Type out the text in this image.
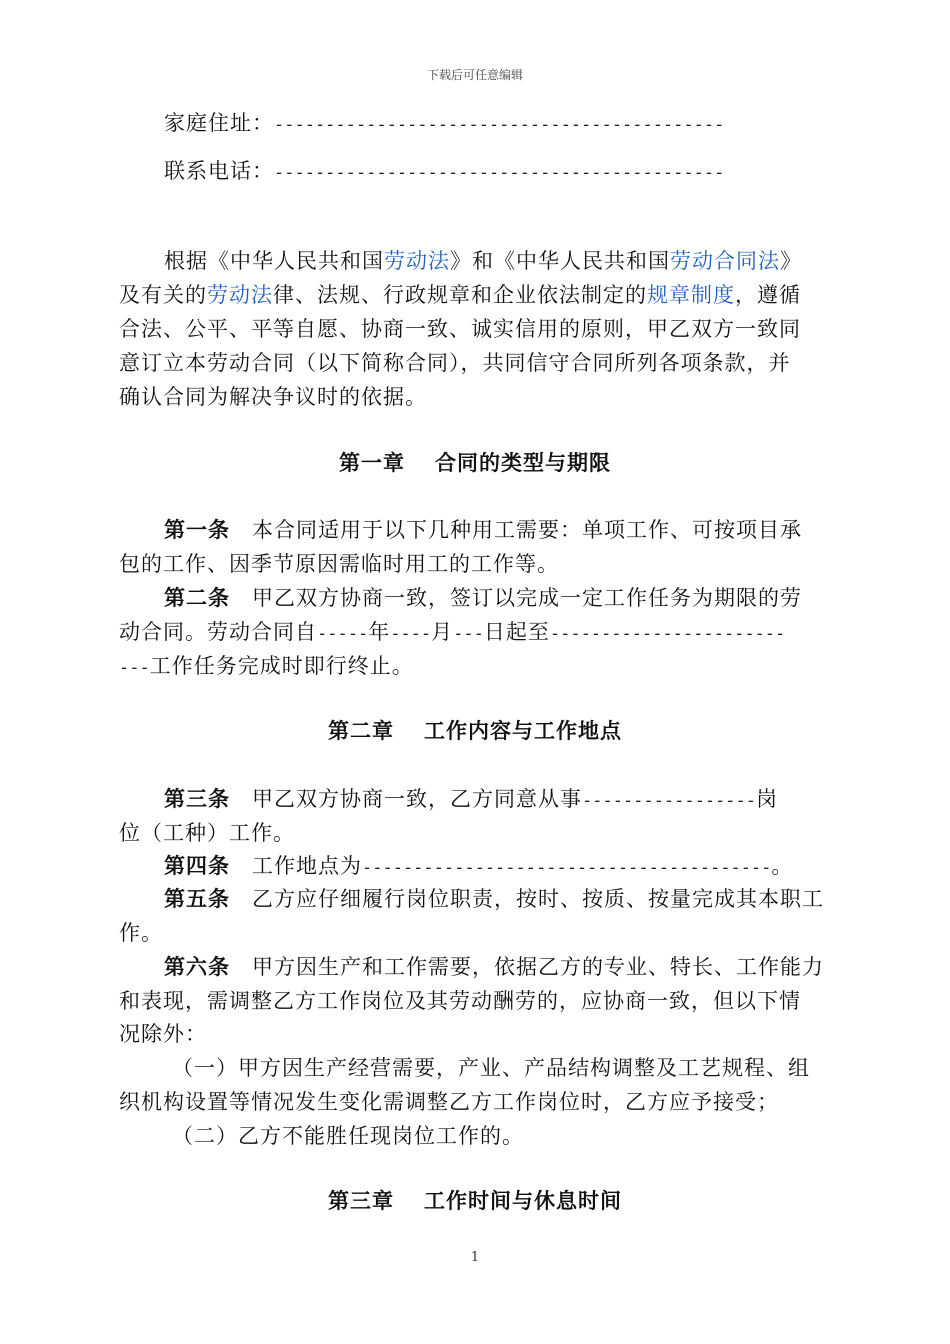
下载后可任意编辑
家庭住址：--------------------------------------------
联系电话：--------------------------------------------
根据《中华人民共和国劳动法》和《中华人民共和国劳动合同法》
及有关的劳动法律、法规、行政规章和企业依法制定的规章制度，遵循
合法、公平、平等自愿、协商一致、诚实信用的原则，甲乙双方一致同
意订立本劳动合同（以下简称合同），共同信守合同所列各项条款，并
确认合同为解决争议时的依据。
第一章 合同的类型与期限
第一条 本合同适用于以下几种用工需要：单项工作、可按项目承
包的工作、因季节原因需临时用工的工作等。
第二条 甲乙双方协商一致，签订以完成一定工作任务为期限的劳
动合同。劳动合同自-----年----月---日起至-----------------------
---工作任务完成时即行终止。
第二章 工作内容与工作地点
第三条 甲乙双方协商一致，乙方同意从事-----------------岗
位（工种）工作。
第四条 工作地点为----------------------------------------。
第五条 乙方应仔细履行岗位职责，按时、按质、按量完成其本职工
作。
第六条 甲方因生产和工作需要，依据乙方的专业、特长、工作能力
和表现，需调整乙方工作岗位及其劳动酬劳的，应协商一致，但以下情
况除外：
（一）甲方因生产经营需要，产业、产品结构调整及工艺规程、组
织机构设置等情况发生变化需调整乙方工作岗位时，乙方应予接受；
（二）乙方不能胜任现岗位工作的。
第三章 工作时间与休息时间
1
